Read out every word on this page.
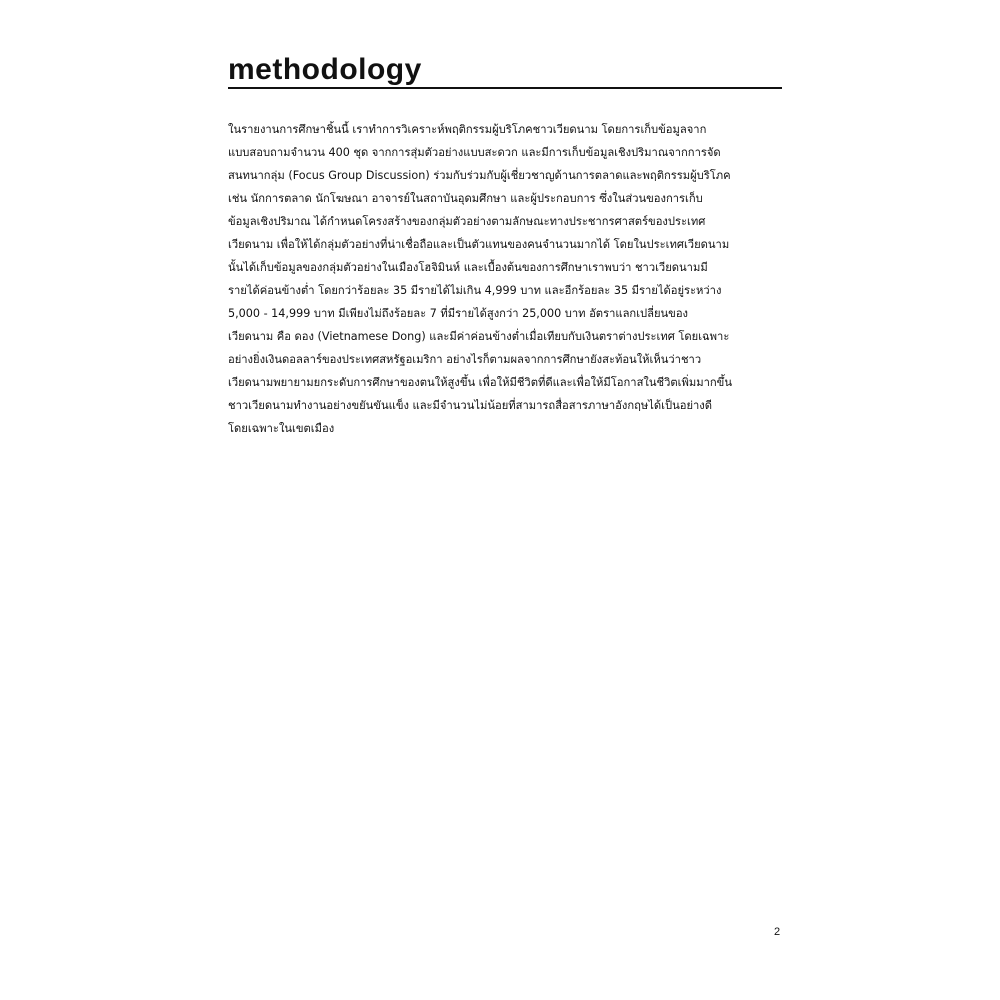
methodology
ในรายงานการศึกษาชิ้นนี้ เราทำการวิเคราะห์พฤติกรรมผู้บริโภคชาวเวียดนาม โดยการเก็บข้อมูลจาก
แบบสอบถามจำนวน 400 ชุด จากการสุ่มตัวอย่างแบบสะดวก และมีการเก็บข้อมูลเชิงปริมาณจากการจัด
สนทนากลุ่ม (Focus Group Discussion) ร่วมกับร่วมกับผู้เชี่ยวชาญด้านการตลาดและพฤติกรรมผู้บริโภค
เช่น นักการตลาด นักโฆษณา อาจารย์ในสถาบันอุดมศึกษา และผู้ประกอบการ ซึ่งในส่วนของการเก็บ
ข้อมูลเชิงปริมาณ ได้กำหนดโครงสร้างของกลุ่มตัวอย่างตามลักษณะทางประชากรศาสตร์ของประเทศ
เวียดนาม เพื่อให้ได้กลุ่มตัวอย่างที่น่าเชื่อถือและเป็นตัวแทนของคนจำนวนมากได้ โดยในประเทศเวียดนาม
นั้นได้เก็บข้อมูลของกลุ่มตัวอย่างในเมืองโฮจิมินห์ และเบื้องต้นของการศึกษาเราพบว่า ชาวเวียดนามมี
รายได้ค่อนข้างต่ำ โดยกว่าร้อยละ 35 มีรายได้ไม่เกิน 4,999 บาท และอีกร้อยละ 35 มีรายได้อยู่ระหว่าง
5,000 - 14,999 บาท มีเพียงไม่ถึงร้อยละ 7 ที่มีรายได้สูงกว่า 25,000 บาท อัตราแลกเปลี่ยนของ
เวียดนาม คือ ดอง (Vietnamese Dong) และมีค่าค่อนข้างต่ำเมื่อเทียบกับเงินตราต่างประเทศ โดยเฉพาะ
อย่างยิ่งเงินดอลลาร์ของประเทศสหรัฐอเมริกา อย่างไรก็ตามผลจากการศึกษายังสะท้อนให้เห็นว่าชาว
เวียดนามพยายามยกระดับการศึกษาของตนให้สูงขึ้น เพื่อให้มีชีวิตที่ดีและเพื่อให้มีโอกาสในชีวิตเพิ่มมากขึ้น
ชาวเวียดนามทำงานอย่างขยันขันแข็ง และมีจำนวนไม่น้อยที่สามารถสื่อสารภาษาอังกฤษได้เป็นอย่างดี
โดยเฉพาะในเขตเมือง
2
